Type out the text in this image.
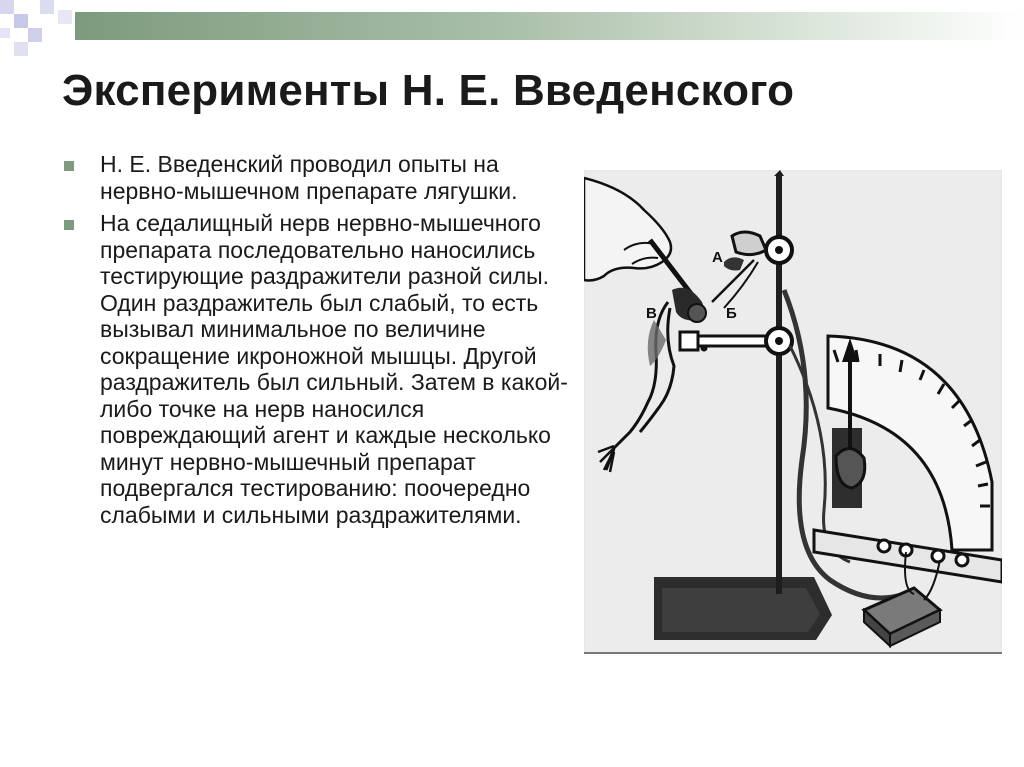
Эксперименты Н. Е. Введенского
Н. Е. Введенский проводил опыты на нервно-мышечном препарате лягушки.
На седалищный нерв нервно-мышечного препарата последовательно наносились тестирующие раздражители разной силы. Один раздражитель был слабый, то есть вызывал минимальное по величине сокращение икроножной мышцы. Другой раздражитель был сильный. Затем в какой-либо точке на нерв наносился повреждающий агент и каждые несколько минут нервно-мышечный препарат подвергался тестированию: поочередно слабыми и сильными раздражителями.
А
Б
В
